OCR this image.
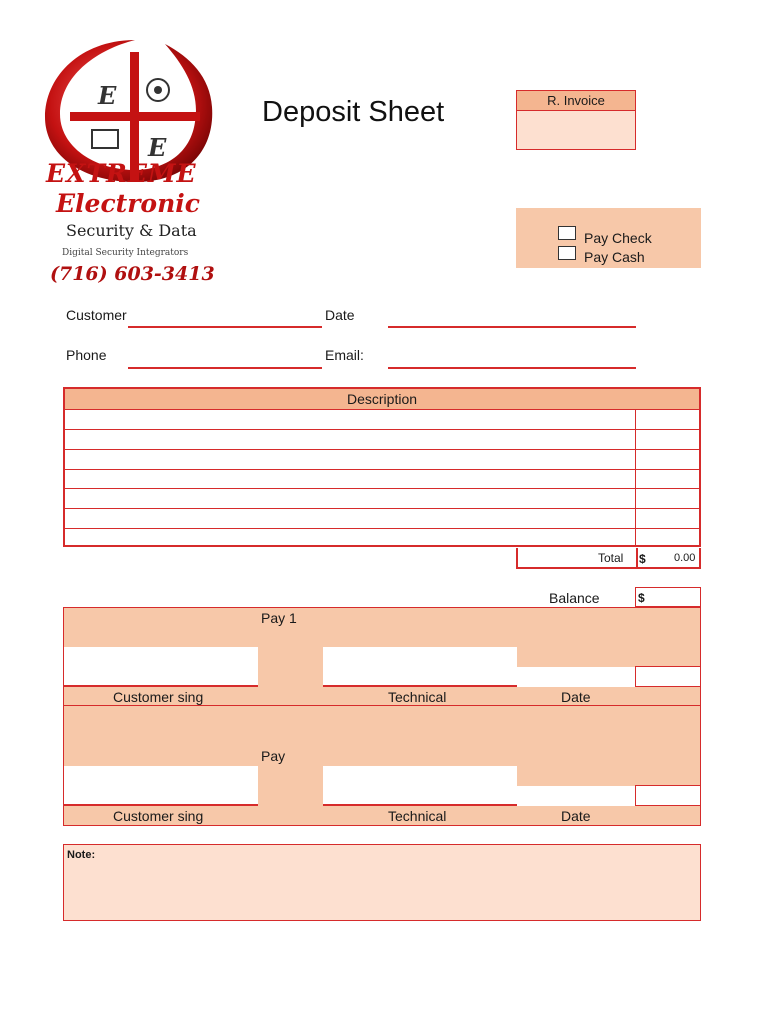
E
E
EXTREME
Electronic
Security & Data
Digital Security Integrators
(716) 603-3413
Deposit Sheet	R. Invoice
Pay Check
Pay Cash
Customer	Date
Phone	Email:
Description
Total $	0.00
Balance	$
Pay 1
Customer sing	Technical	Date
Pay
Customer sing	Technical	Date
Note:
